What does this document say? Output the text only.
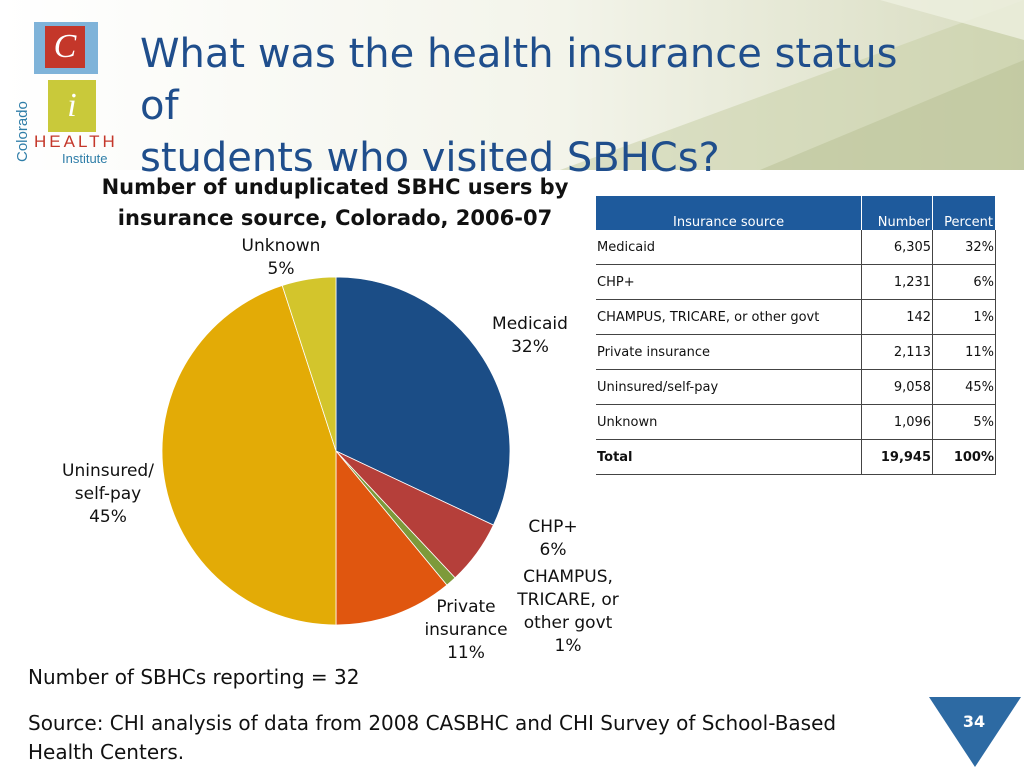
Colorado
C
i
HEALTH
Institute
What was the health insurance status of
students who visited SBHCs?
Number of unduplicated SBHC users by
insurance source, Colorado, 2006-07
Medicaid
32%
CHP+
6%
CHAMPUS,
TRICARE, or
other govt
1%
Private
insurance
11%
Uninsured/
self-pay
45%
Unknown
5%
Insurance source	Number	Percent
Medicaid	6,305	32%
CHP+	1,231	6%
CHAMPUS, TRICARE, or other govt	142	1%
Private insurance	2,113	11%
Uninsured/self-pay	9,058	45%
Unknown	1,096	5%
Total	19,945	100%
Number of SBHCs reporting = 32
Source: CHI analysis of data from 2008 CASBHC and CHI Survey of School-Based Health Centers.
34
